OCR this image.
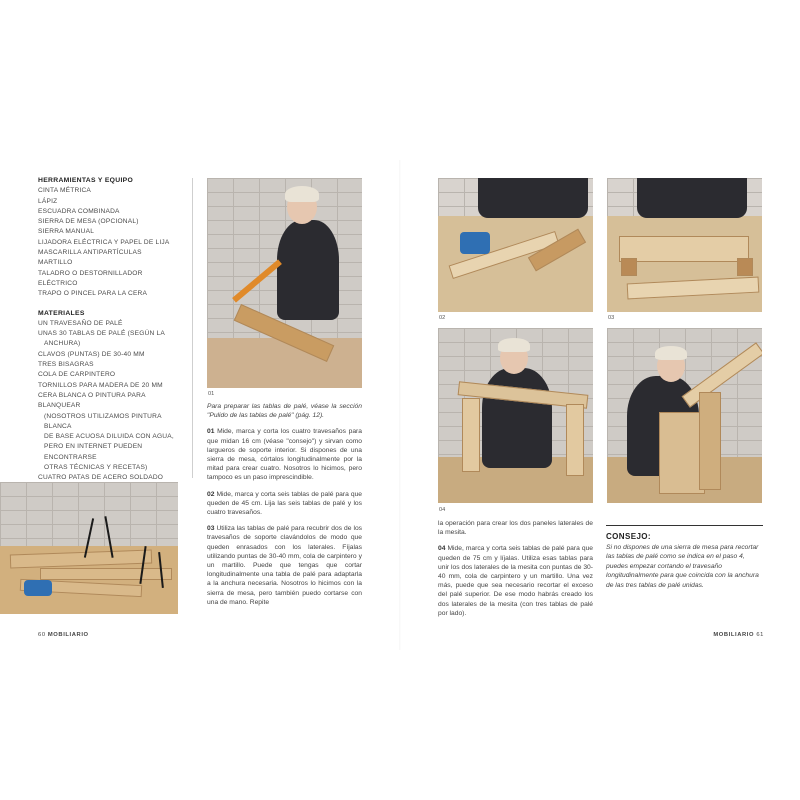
HERRAMIENTAS Y EQUIPO
CINTA MÉTRICA
LÁPIZ
ESCUADRA COMBINADA
SIERRA DE MESA (OPCIONAL)
SIERRA MANUAL
LIJADORA ELÉCTRICA Y PAPEL DE LIJA
MASCARILLA ANTIPARTÍCULAS
MARTILLO
TALADRO O DESTORNILLADOR ELÉCTRICO
TRAPO O PINCEL PARA LA CERA
MATERIALES
UN TRAVESAÑO DE PALÉ
UNAS 30 TABLAS DE PALÉ (SEGÚN LA
ANCHURA)
CLAVOS (PUNTAS) DE 30-40 MM
TRES BISAGRAS
COLA DE CARPINTERO
TORNILLOS PARA MADERA DE 20 MM
CERA BLANCA O PINTURA PARA BLANQUEAR
(NOSOTROS UTILIZAMOS PINTURA BLANCA
DE BASE ACUOSA DILUIDA CON AGUA,
PERO EN INTERNET PUEDEN ENCONTRARSE
OTRAS TÉCNICAS Y RECETAS)
CUATRO PATAS DE ACERO SOLDADO
01

Para preparar las tablas de palé, véase la sección "Pulido de las tablas de palé" (pág. 12).

01 Mide, marca y corta los cuatro travesaños para que midan 16 cm (véase "consejo") y sirvan como largueros de soporte interior. Si dispones de una sierra de mesa, córtalos longitudinalmente por la mitad para crear cuatro. Nosotros lo hicimos, pero tampoco es un paso imprescindible.

02 Mide, marca y corta seis tablas de palé para que queden de 45 cm. Lija las seis tablas de palé y los cuatro travesaños.

03 Utiliza las tablas de palé para recubrir dos de los travesaños de soporte clavándolos de modo que queden enrasados con los laterales. Fíjalas utilizando puntas de 30-40 mm, cola de carpintero y un martillo. Puede que tengas que cortar longitudinalmente una tabla de palé para adaptarla a la anchura necesaria. Nosotros lo hicimos con la sierra de mesa, pero también puedo cortarse con una de mano. Repite

02	03
04

la operación para crear los dos paneles laterales de la mesita.

04 Mide, marca y corta seis tablas de palé para que queden de 75 cm y líjalas. Utiliza esas tablas para unir los dos laterales de la mesita con puntas de 30-40 mm, cola de carpintero y un martillo. Una vez más, puede que sea necesario recortar el exceso del palé superior. De ese modo habrás creado los dos laterales de la mesita (con tres tablas de palé por lado).

CONSEJO:

Si no dispones de una sierra de mesa para recortar las tablas de palé como se indica en el paso 4, puedes empezar cortando el travesaño longitudinalmente para que coincida con la anchura de las tres tablas de palé unidas.

60 MOBILIARIO	MOBILIARIO 61
